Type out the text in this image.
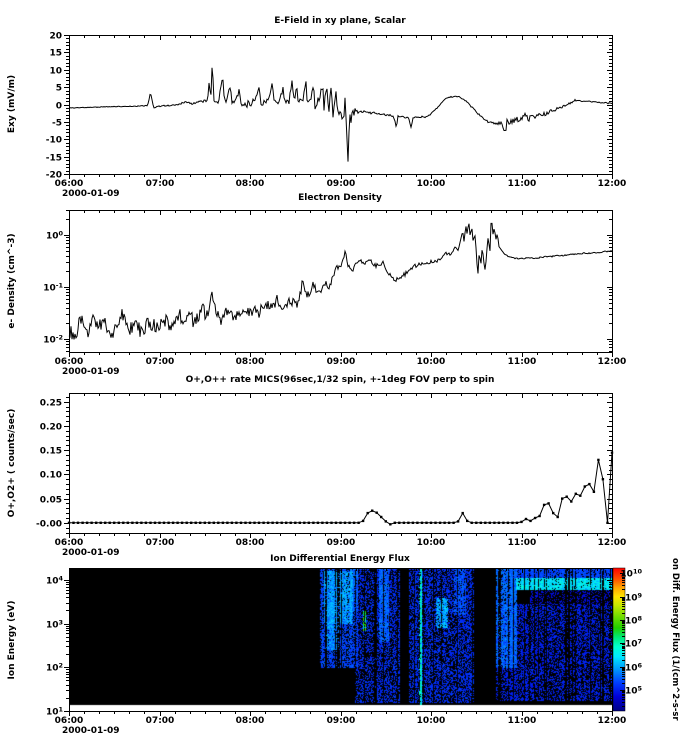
E-Field in xy plane, Scalar
Exy (mV/m)
2000-01-09
06:00	07:00	08:00	09:00	10:00	11:00	12:00
20
15
10
5
0
-5
-10
-15
-20
Electron Density
e- Density (cm^-3)
2000-01-09
06:00	07:00	08:00	09:00	10:00	11:00	12:00
$10^0$
$10^{-1}$
$10^{-2}$
O+,O++ rate MICS(96sec,1/32 spin, +-1deg FOV perp to spin
O+,O2+ ( counts/sec)
2000-01-09
06:00	07:00	08:00	09:00	10:00	11:00	12:00
0.25
0.20
0.15
0.10
0.05
-0.00
Ion Differential Energy Flux
Ion Energy (eV)
2000-01-09
06:00	07:00	08:00	09:00	10:00	11:00	12:00
$10^1$
$10^2$
$10^3$
$10^4$	$10^{10}$
$10^9$
$10^8$
$10^7$
$10^6$
$10^5$	on Diff. Energy Flux (1/(cm^2-s-sr
